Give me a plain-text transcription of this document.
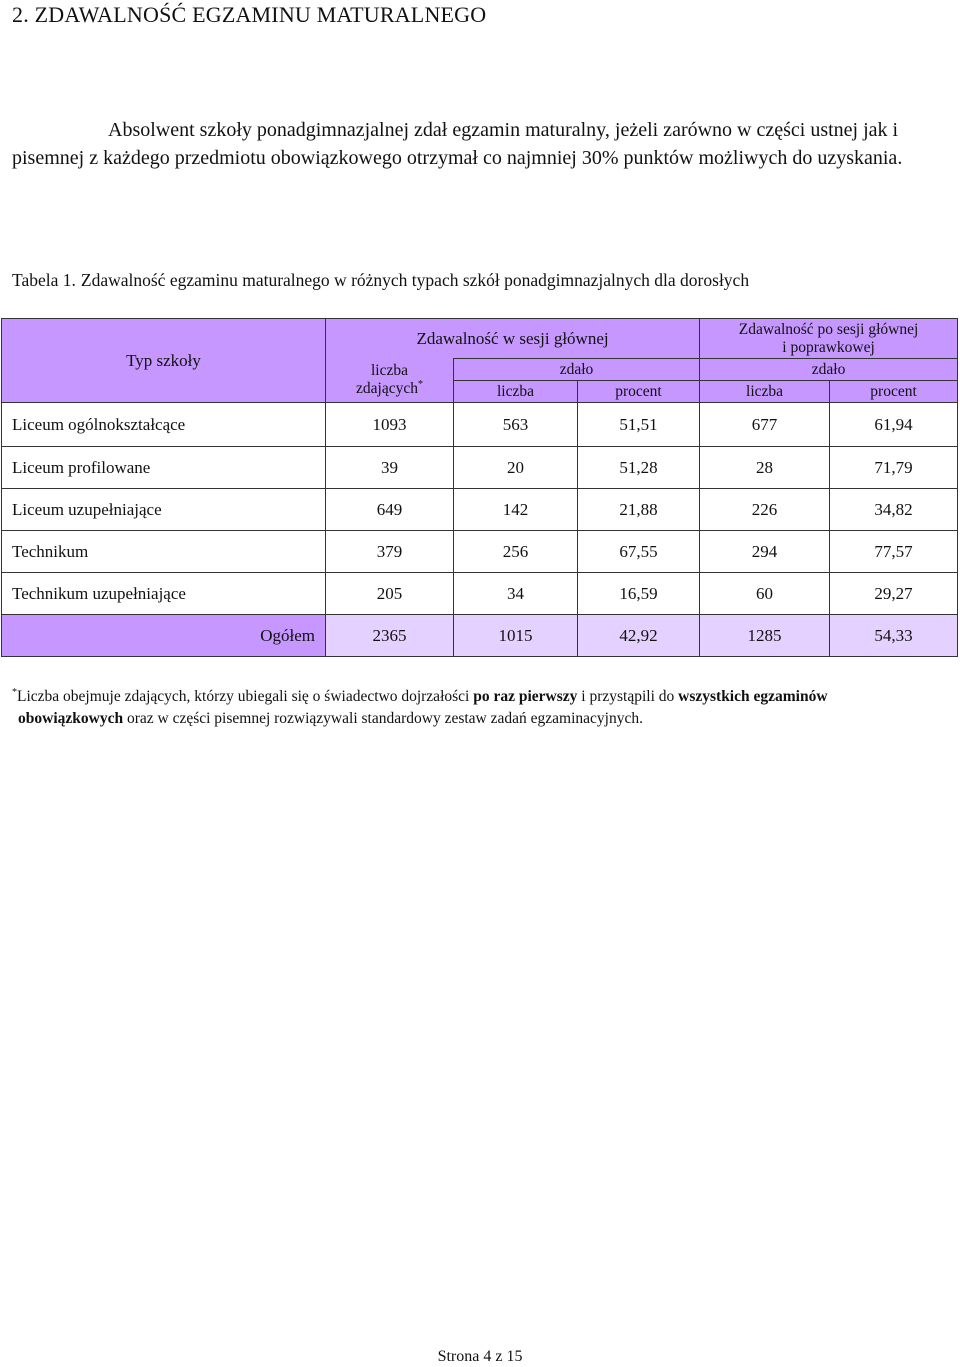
2. ZDAWALNOŚĆ EGZAMINU MATURALNEGO
Absolwent szkoły ponadgimnazjalnej zdał egzamin maturalny, jeżeli zarówno w części ustnej jak i pisemnej z każdego przedmiotu obowiązkowego otrzymał co najmniej 30% punktów możliwych do uzyskania.
Tabela 1. Zdawalność egzaminu maturalnego w różnych typach szkół ponadgimnazjalnych dla dorosłych
Typ szkoły	Zdawalność w sesji głównej			Zdawalność po sesji głównej
i poprawkowej	
	liczba
zdających*	zdało		zdało	
		liczba	procent	liczba	procent
Liceum ogólnokształcące	1093	563	51,51	677	61,94
Liceum profilowane	39	20	51,28	28	71,79
Liceum uzupełniające	649	142	21,88	226	34,82
Technikum	379	256	67,55	294	77,57
Technikum uzupełniające	205	34	16,59	60	29,27
Ogółem	2365	1015	42,92	1285	54,33
*Liczba obejmuje zdających, którzy ubiegali się o świadectwo dojrzałości po raz pierwszy i przystąpili do wszystkich egzaminów
obowiązkowych oraz w części pisemnej rozwiązywali standardowy zestaw zadań egzaminacyjnych.
Strona 4 z 15
